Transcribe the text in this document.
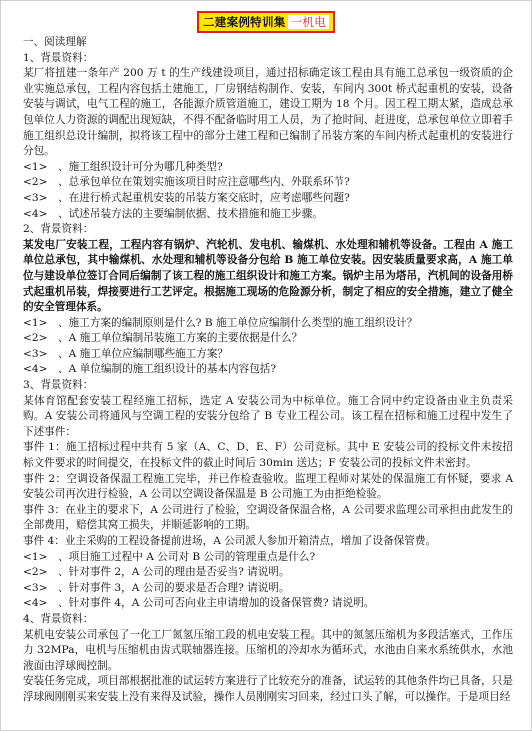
二建案例特训集 一机电
一、阅读理解
1、背景资料：
某厂将扭建一条年产 200 万 t 的生产线建设项目，通过招标确定该工程由具有施工总承包一级资质的企业实施总承包，工程内容包括土建施工，厂房钢结构制作、安装，车间内 300t 桥式起重机的安装，设备安装与调试，电气工程的施工，各能源介质管道施工，建设工期为 18 个月。因工程工期太紧，造成总承包单位人力资源的调配出现短缺，不得不配备临时用工人员，为了抢时间、赶进度，总承包单位立即着手施工组织总设计编制，拟将该工程中的部分土建工程和已编制了吊装方案的车间内桥式起重机的安装进行分包。
<1>　、施工组织设计可分为哪几种类型?
<2>　、总承包单位在策划实施该项目时应注意哪些内、外联系环节?
<3>　、在进行桥式起重机安装的吊装方案交底时，应考虑哪些问题?
<4>　、试述吊装方法的主要编制依据、技术措施和施工步骤。
2、背景资料：
某发电厂安装工程，工程内容有锅炉、汽轮机、发电机、输煤机、水处理和辅机等设备。工程由 A 施工单位总承包，其中输煤机、水处理和辅机等设备分包给 B 施工单位安装。因安装质量要求高，A 施工单位与建设单位签订合同后编制了该工程的施工组织设计和施工方案。锅炉主吊为塔吊，汽机间的设备用桥式起重机吊装，焊接要进行工艺评定。根据施工现场的危险源分析，制定了相应的安全措施，建立了健全的安全管理体系。
<1>　、施工方案的编制原则是什么? B 施工单位应编制什么类型的施工组织设计？
<2>　、A 施工单位编制吊装施工方案的主要依据是什么？
<3>　、A 施工单位应编制哪些施工方案？
<4>　、A 单位编制的施工组织设计的基本内容包括?
3、背景资料：
某体育馆配套安装工程经施工招标，选定 A 安装公司为中标单位。施工合同中约定设备由业主负责采购。A 安装公司将通风与空调工程的安装分包给了 B 专业工程公司。该工程在招标和施工过程中发生了下述事件：
事件 1：施工招标过程中共有 5 家（A、C、D、E、F）公司竞标。其中 E 安装公司的投标文件未按招标文件要求的时间提交，在投标文件的截止时间后 30min 送达；F 安装公司的投标文件未密封。
事件 2：空调设备保温工程施工完毕，并已作检查验收。监理工程师对某处的保温施工有怀疑，要求 A 安装公司再次进行检验，A 公司以空调设备保温是 B 公司施工为由拒绝检验。
事件 3：在业主的要求下，A 公司进行了检验，空调设备保温合格，A 公司要求监理公司承担由此发生的全部费用，赔偿其窝工损失，并顺延影响的工期。
事件 4：业主采购的工程设备提前进场，A 公司派人参加开箱清点，增加了设备保管费。
<1>　、项目施工过程中 A 公司对 B 公司的管理重点是什么?
<2>　、针对事件 2，A 公司的理由是否妥当? 请说明。
<3>　、针对事件 3，A 公司的要求是否合理? 请说明。
<4>　、针对事件 4，A 公司可否向业主申请增加的设备保管费? 请说明。
4、背景资料：
某机电安装公司承包了一化工厂氮氢压缩工段的机电安装工程。其中的氮氢压缩机为多段活塞式，工作压力 32MPa，电机与压缩机由齿式联轴器连接。压缩机的冷却水为循环式，水池由自来水系统供水，水池液面由浮球阀控制。
安装任务完成，项目部根据批准的试运转方案进行了比较充分的准备，试运转的其他条件均已具备，只是浮球阀刚刚买来安装上没有来得及试验，操作人员刚刚实习回来，经过口头了解，可以操作。于是项目经
